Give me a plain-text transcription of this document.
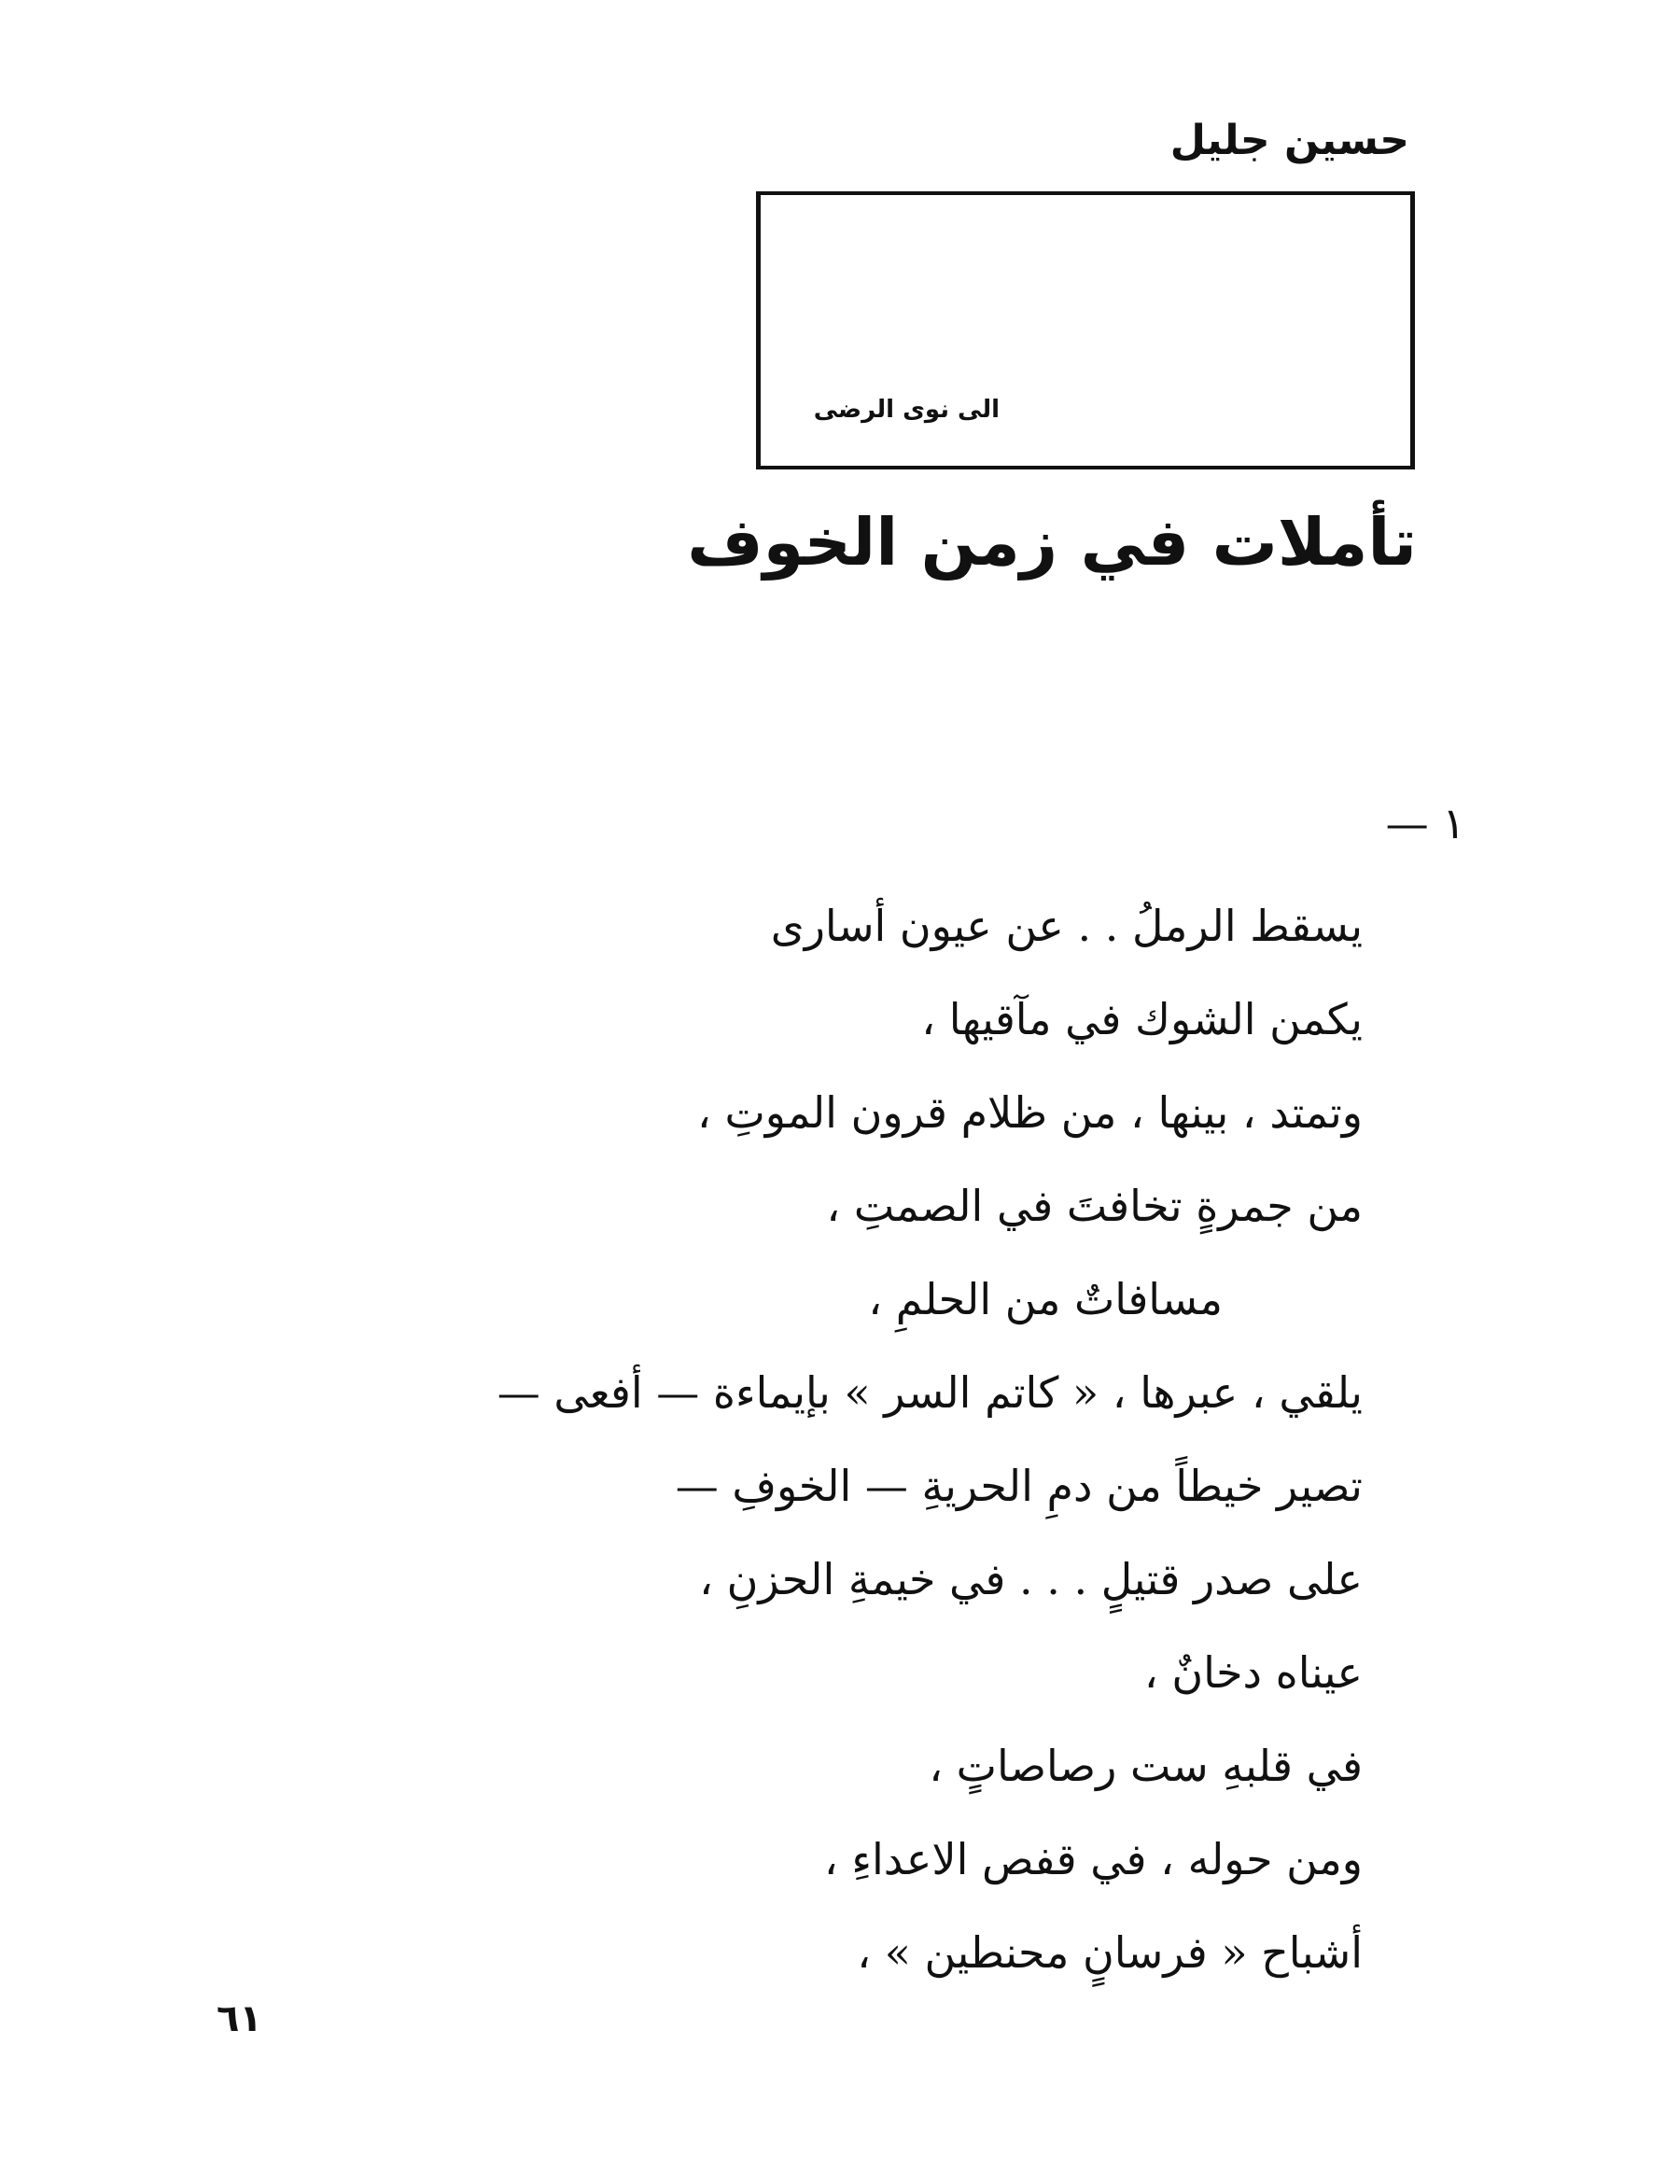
حسين جليل
الى نوى الرضى
تأملات في زمن الخوف
١ —
يسقط الرملُ . . عن عيون أسارى
يكمن الشوك في مآقيها ،
وتمتد ، بينها ، من ظلام قرون الموتِ ،
من جمرةٍ تخافتَ في الصمتِ ،
مسافاتٌ من الحلمِ ،
يلقي ، عبرها ، « كاتم السر » بإيماءة — أفعى —
تصير خيطاً من دمِ الحريةِ — الخوفِ —
على صدر قتيلٍ . . . في خيمةِ الحزنِ ،
عيناه دخانٌ ،
في قلبهِ ست رصاصاتٍ ،
ومن حوله ، في قفص الاعداءِ ،
أشباح « فرسانٍ محنطين » ،
٦١
